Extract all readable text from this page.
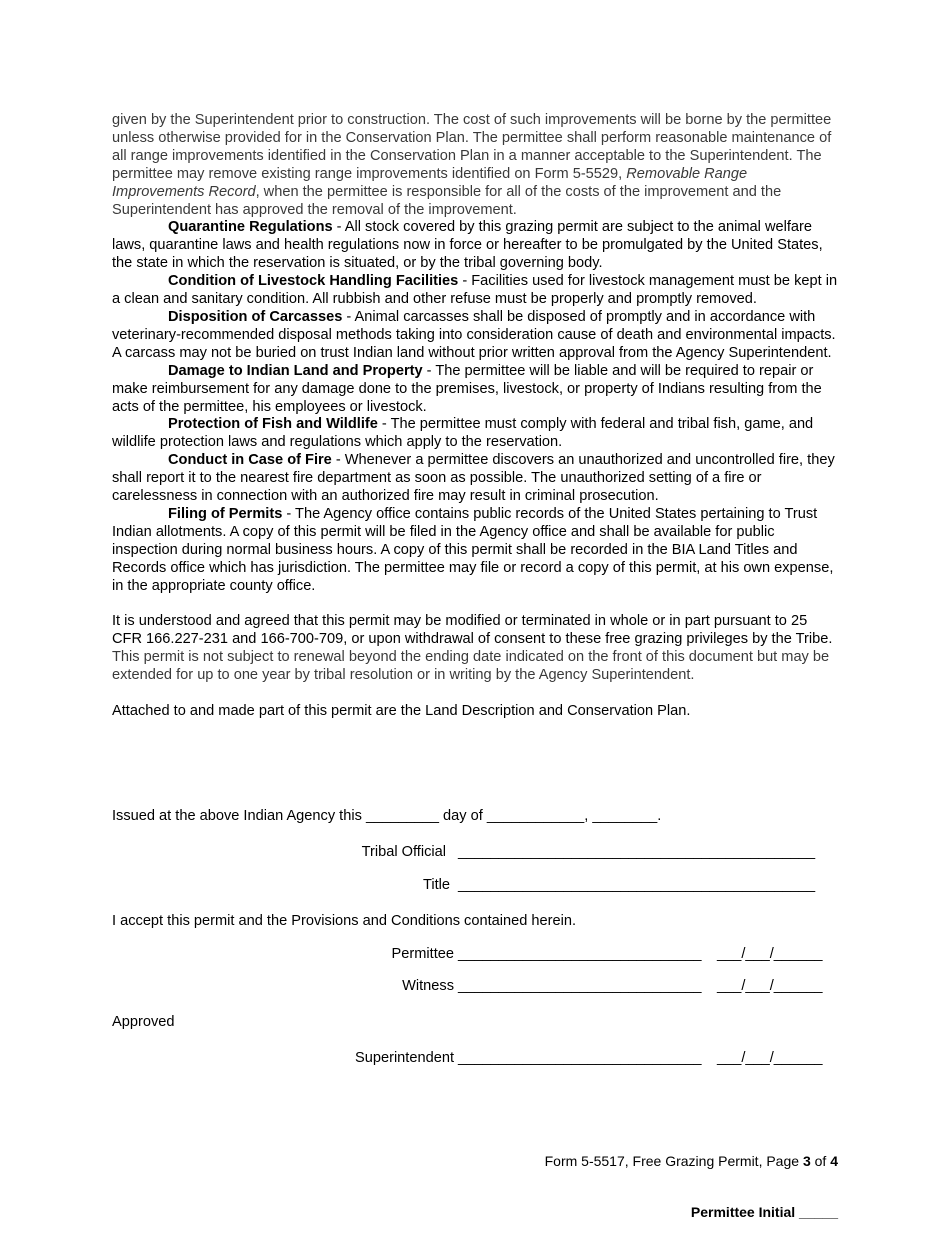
given by the Superintendent prior to construction. The cost of such improvements will be borne by the permittee unless otherwise provided for in the Conservation Plan. The permittee shall perform reasonable maintenance of all range improvements identified in the Conservation Plan in a manner acceptable to the Superintendent. The permittee may remove existing range improvements identified on Form 5-5529, Removable Range Improvements Record, when the permittee is responsible for all of the costs of the improvement and the Superintendent has approved the removal of the improvement.

Quarantine Regulations - All stock covered by this grazing permit are subject to the animal welfare laws, quarantine laws and health regulations now in force or hereafter to be promulgated by the United States, the state in which the reservation is situated, or by the tribal governing body.

Condition of Livestock Handling Facilities - Facilities used for livestock management must be kept in a clean and sanitary condition. All rubbish and other refuse must be properly and promptly removed.

Disposition of Carcasses - Animal carcasses shall be disposed of promptly and in accordance with veterinary-recommended disposal methods taking into consideration cause of death and environmental impacts. A carcass may not be buried on trust Indian land without prior written approval from the Agency Superintendent.

Damage to Indian Land and Property - The permittee will be liable and will be required to repair or make reimbursement for any damage done to the premises, livestock, or property of Indians resulting from the acts of the permittee, his employees or livestock.

Protection of Fish and Wildlife - The permittee must comply with federal and tribal fish, game, and wildlife protection laws and regulations which apply to the reservation.

Conduct in Case of Fire - Whenever a permittee discovers an unauthorized and uncontrolled fire, they shall report it to the nearest fire department as soon as possible. The unauthorized setting of a fire or carelessness in connection with an authorized fire may result in criminal prosecution.

Filing of Permits - The Agency office contains public records of the United States pertaining to Trust Indian allotments. A copy of this permit will be filed in the Agency office and shall be available for public inspection during normal business hours. A copy of this permit shall be recorded in the BIA Land Titles and Records office which has jurisdiction. The permittee may file or record a copy of this permit, at his own expense, in the appropriate county office.

It is understood and agreed that this permit may be modified or terminated in whole or in part pursuant to 25 CFR 166.227-231 and 166-700-709, or upon withdrawal of consent to these free grazing privileges by the Tribe. This permit is not subject to renewal beyond the ending date indicated on the front of this document but may be extended for up to one year by tribal resolution or in writing by the Agency Superintendent.

Attached to and made part of this permit are the Land Description and Conservation Plan.

Issued at the above Indian Agency this _________ day of ____________, ________.
Tribal Official ____________________________________________
Title ____________________________________________
I accept this permit and the Provisions and Conditions contained herein.
Permittee ______________________________ ___/___/______
Witness ______________________________ ___/___/______
Approved
Superintendent ______________________________ ___/___/______

Form 5-5517, Free Grazing Permit, Page 3 of 4

Permittee Initial _____
